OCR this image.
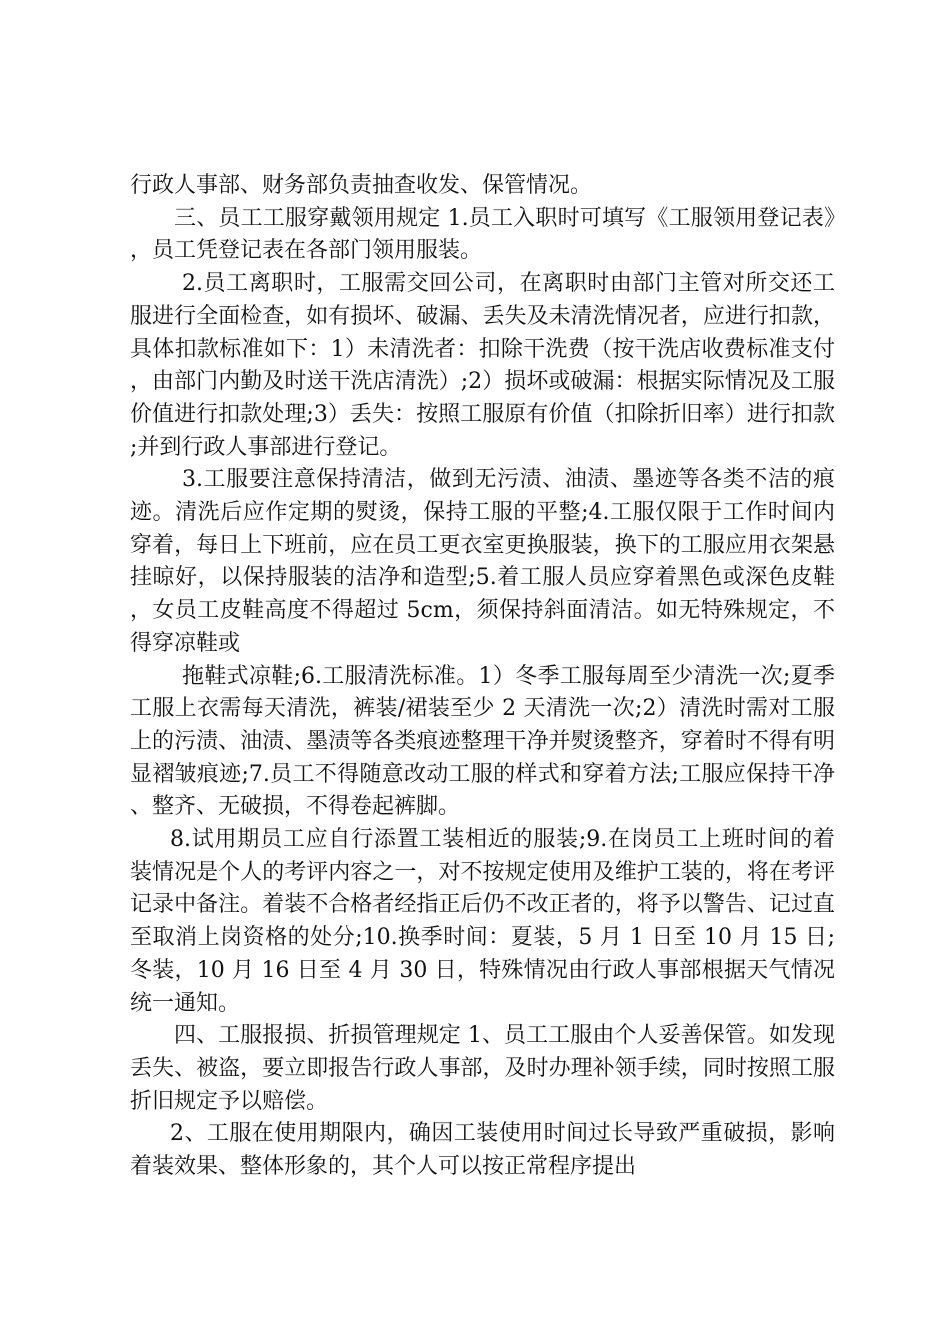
行政人事部、财务部负责抽查收发、保管情况。

三、员工工服穿戴领用规定 1.员工入职时可填写《工服领用登记表》，员工凭登记表在各部门领用服装。

2.员工离职时，工服需交回公司，在离职时由部门主管对所交还工服进行全面检查，如有损坏、破漏、丢失及未清洗情况者，应进行扣款，具体扣款标准如下：1）未清洗者：扣除干洗费（按干洗店收费标准支付，由部门内勤及时送干洗店清洗）;2）损坏或破漏：根据实际情况及工服价值进行扣款处理;3）丢失：按照工服原有价值（扣除折旧率）进行扣款;并到行政人事部进行登记。

3.工服要注意保持清洁，做到无污渍、油渍、墨迹等各类不洁的痕迹。清洗后应作定期的熨烫，保持工服的平整;4.工服仅限于工作时间内穿着，每日上下班前，应在员工更衣室更换服装，换下的工服应用衣架悬挂晾好，以保持服装的洁净和造型;5.着工服人员应穿着黑色或深色皮鞋，女员工皮鞋高度不得超过 5cm，须保持斜面清洁。如无特殊规定，不得穿凉鞋或

拖鞋式凉鞋;6.工服清洗标准。1）冬季工服每周至少清洗一次;夏季工服上衣需每天清洗，裤装/裙装至少 2 天清洗一次;2）清洗时需对工服上的污渍、油渍、墨渍等各类痕迹整理干净并熨烫整齐，穿着时不得有明显褶皱痕迹;7.员工不得随意改动工服的样式和穿着方法;工服应保持干净、整齐、无破损，不得卷起裤脚。

8.试用期员工应自行添置工装相近的服装;9.在岗员工上班时间的着装情况是个人的考评内容之一，对不按规定使用及维护工装的，将在考评记录中备注。着装不合格者经指正后仍不改正者的，将予以警告、记过直至取消上岗资格的处分;10.换季时间：夏装，5 月 1 日至 10 月 15 日;冬装，10 月 16 日至 4 月 30 日，特殊情况由行政人事部根据天气情况统一通知。

四、工服报损、折损管理规定 1、员工工服由个人妥善保管。如发现丢失、被盗，要立即报告行政人事部，及时办理补领手续，同时按照工服折旧规定予以赔偿。

2、工服在使用期限内，确因工装使用时间过长导致严重破损，影响着装效果、整体形象的，其个人可以按正常程序提出
